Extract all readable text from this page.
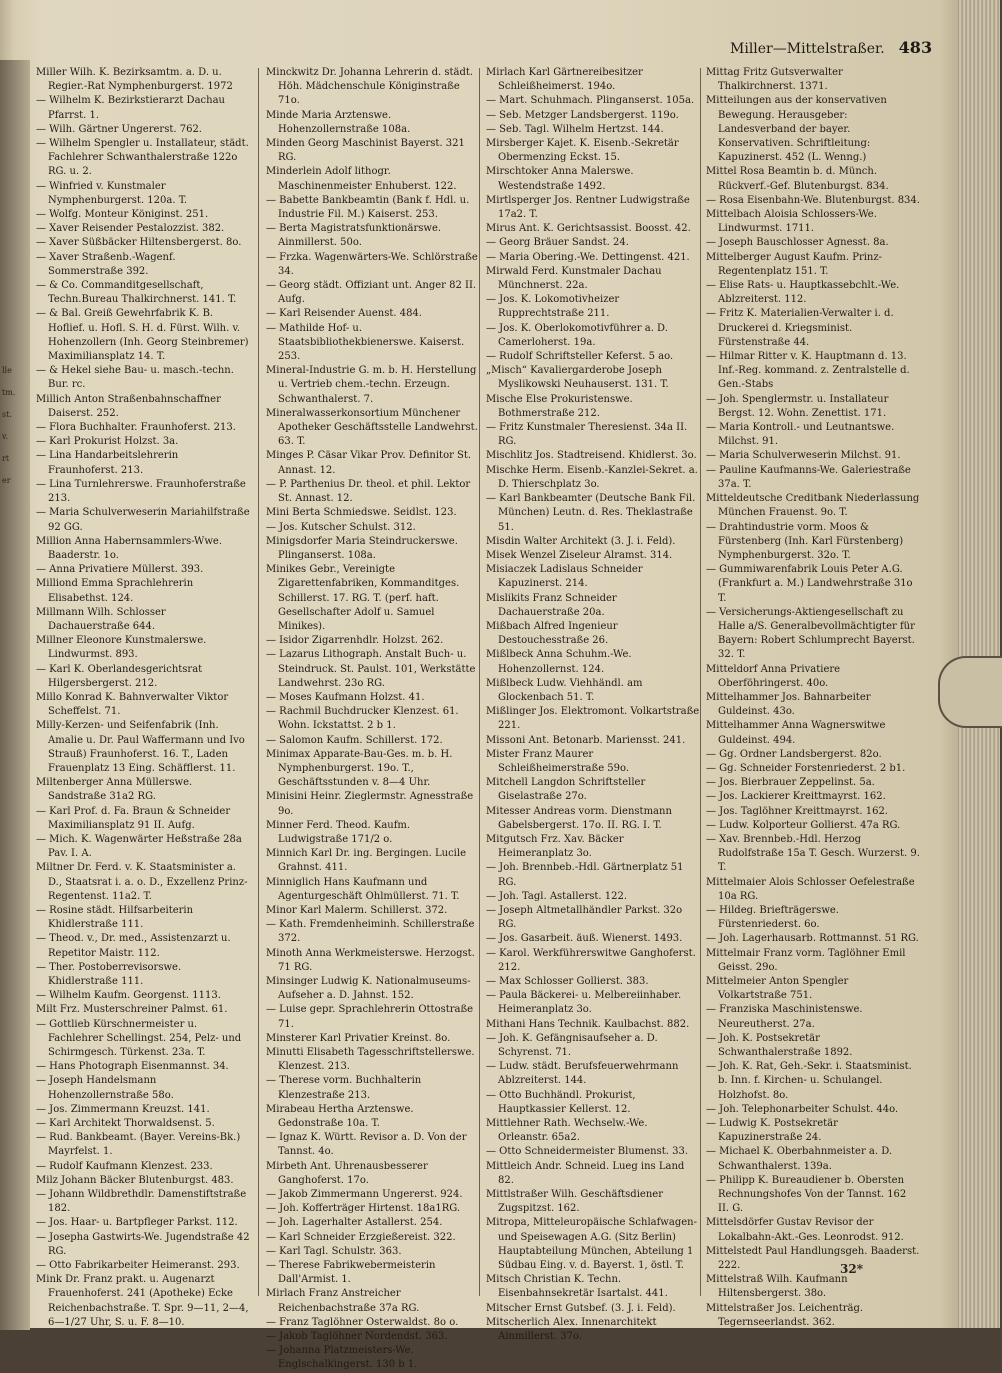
lle
tm.
st.
v.
rt
er
Miller—Mittelstraßer. 483

Miller Wilh. K. Bezirksamtm. a. D. u. Regier.-Rat Nymphenburgerst. 1972

— Wilhelm K. Bezirkstierarzt Dachau Pfarrst. 1.

— Wilh. Gärtner Ungererst. 762.

— Wilhelm Spengler u. Installateur, städt. Fachlehrer Schwanthalerstraße 122o RG. u. 2.

— Winfried v. Kunstmaler Nymphenburgerst. 120a. T.

— Wolfg. Monteur Königinst. 251.

— Xaver Reisender Pestalozzist. 382.

— Xaver Süßbäcker Hiltensbergerst. 8o.

— Xaver Straßenb.-Wagenf. Sommerstraße 392.

— & Co. Commanditgesellschaft, Techn.Bureau Thalkirchnerst. 141. T.

— & Bal. Greiß Gewehrfabrik K. B. Hoflief. u. Hofl. S. H. d. Fürst. Wilh. v. Hohenzollern (Inh. Georg Steinbremer) Maximiliansplatz 14. T.

— & Hekel siehe Bau- u. masch.-techn. Bur. rc.

Millich Anton Straßenbahnschaffner Daiserst. 252.

— Flora Buchhalter. Fraunhoferst. 213.

— Karl Prokurist Holzst. 3a.

— Lina Handarbeitslehrerin Fraunhoferst. 213.

— Lina Turnlehrerswe. Fraunhoferstraße 213.

— Maria Schulverweserin Mariahilfstraße 92 GG.

Million Anna Habernsammlers-Wwe. Baaderstr. 1o.

— Anna Privatiere Müllerst. 393.

Milliond Emma Sprachlehrerin Elisabethst. 124.

Millmann Wilh. Schlosser Dachauerstraße 644.

Millner Eleonore Kunstmalerswe. Lindwurmst. 893.

— Karl K. Oberlandesgerichtsrat Hilgersbergerst. 212.

Millo Konrad K. Bahnverwalter Viktor Scheffelst. 71.

Milly-Kerzen- und Seifenfabrik (Inh. Amalie u. Dr. Paul Waffermann und Ivo Strauß) Fraunhoferst. 16. T., Laden Frauenplatz 13 Eing. Schäfflerst. 11.

Miltenberger Anna Müllerswe. Sandstraße 31a2 RG.

— Karl Prof. d. Fa. Braun & Schneider Maximiliansplatz 91 II. Aufg.

— Mich. K. Wagenwärter Heßstraße 28a Pav. I. A.

Miltner Dr. Ferd. v. K. Staatsminister a. D., Staatsrat i. a. o. D., Exzellenz Prinz-Regentenst. 11a2. T.

— Rosine städt. Hilfsarbeiterin Khidlerstraße 111.

— Theod. v., Dr. med., Assistenzarzt u. Repetitor Maistr. 112.

— Ther. Postoberrevisorswe. Khidlerstraße 111.

— Wilhelm Kaufm. Georgenst. 1113.

Milt Frz. Musterschreiner Palmst. 61.

— Gottlieb Kürschnermeister u. Fachlehrer Schellingst. 254, Pelz- und Schirmgesch. Türkenst. 23a. T.

— Hans Photograph Eisenmannst. 34.

— Joseph Handelsmann Hohenzollernstraße 58o.

— Jos. Zimmermann Kreuzst. 141.

— Karl Architekt Thorwaldsenst. 5.

— Rud. Bankbeamt. (Bayer. Vereins-Bk.) Mayrfelst. 1.

— Rudolf Kaufmann Klenzest. 233.

Milz Johann Bäcker Blutenburgst. 483.

— Johann Wildbrethdlr. Damenstiftstraße 182.

— Jos. Haar- u. Bartpfleger Parkst. 112.

— Josepha Gastwirts-We. Jugendstraße 42 RG.

— Otto Fabrikarbeiter Heimeranst. 293.

Mink Dr. Franz prakt. u. Augenarzt Frauenhoferst. 241 (Apotheke) Ecke Reichenbachstraße. T. Spr. 9—11, 2—4, 6—1/27 Uhr, S. u. F. 8—10.

Minckwitz Dr. Johanna Lehrerin d. städt. Höh. Mädchenschule Königinstraße 71o.

Minde Maria Arztenswe. Hohenzollernstraße 108a.

Minden Georg Maschinist Bayerst. 321 RG.

Minderlein Adolf lithogr. Maschinenmeister Enhuberst. 122.

— Babette Bankbeamtin (Bank f. Hdl. u. Industrie Fil. M.) Kaiserst. 253.

— Berta Magistratsfunktionärswe. Ainmillerst. 50o.

— Frzka. Wagenwärters-We. Schlörstraße 34.

— Georg städt. Offiziant unt. Anger 82 II. Aufg.

— Karl Reisender Auenst. 484.

— Mathilde Hof- u. Staatsbibliothekbienerswe. Kaiserst. 253.

Mineral-Industrie G. m. b. H. Herstellung u. Vertrieb chem.-techn. Erzeugn. Schwanthalerst. 7.

Mineralwasserkonsortium Münchener Apotheker Geschäftsstelle Landwehrst. 63. T.

Minges P. Cäsar Vikar Prov. Definitor St. Annast. 12.

— P. Parthenius Dr. theol. et phil. Lektor St. Annast. 12.

Mini Berta Schmiedswe. Seidlst. 123.

— Jos. Kutscher Schulst. 312.

Minigsdorfer Maria Steindruckerswe. Plinganserst. 108a.

Minikes Gebr., Vereinigte Zigarettenfabriken, Kommanditges. Schillerst. 17. RG. T. (perf. haft. Gesellschafter Adolf u. Samuel Minikes).

— Isidor Zigarrenhdlr. Holzst. 262.

— Lazarus Lithograph. Anstalt Buch- u. Steindruck. St. Paulst. 101, Werkstätte Landwehrst. 23o RG.

— Moses Kaufmann Holzst. 41.

— Rachmil Buchdrucker Klenzest. 61. Wohn. Ickstattst. 2 b 1.

— Salomon Kaufm. Schillerst. 172.

Minimax Apparate-Bau-Ges. m. b. H. Nymphenburgerst. 19o. T., Geschäftsstunden v. 8—4 Uhr.

Minisini Heinr. Zieglermstr. Agnesstraße 9o.

Minner Ferd. Theod. Kaufm. Ludwigstraße 171/2 o.

Minnich Karl Dr. ing. Bergingen. Lucile Grahnst. 411.

Minniglich Hans Kaufmann und Agenturgeschäft Ohlmüllerst. 71. T.

Minor Karl Malerm. Schillerst. 372.

— Kath. Fremdenheiminh. Schillerstraße 372.

Minoth Anna Werkmeisterswe. Herzogst. 71 RG.

Minsinger Ludwig K. Nationalmuseums-Aufseher a. D. Jahnst. 152.

— Luise gepr. Sprachlehrerin Ottostraße 71.

Minsterer Karl Privatier Kreinst. 8o.

Minutti Elisabeth Tagesschriftstellerswe. Klenzest. 213.

— Therese vorm. Buchhalterin Klenzestraße 213.

Mirabeau Hertha Arztenswe. Gedonstraße 10a. T.

— Ignaz K. Württ. Revisor a. D. Von der Tannst. 4o.

Mirbeth Ant. Uhrenausbesserer Ganghoferst. 17o.

— Jakob Zimmermann Ungererst. 924.

— Joh. Kofferträger Hirtenst. 18a1RG.

— Joh. Lagerhalter Astallerst. 254.

— Karl Schneider Erzgießereist. 322.

— Karl Tagl. Schulstr. 363.

— Therese Fabrikwebermeisterin Dall'Armist. 1.

Mirlach Franz Anstreicher Reichenbachstraße 37a RG.

— Franz Taglöhner Osterwaldst. 8o o.

— Jakob Taglöhner Nordendst. 363.

— Johanna Platzmeisters-We. Englschalkingerst. 130 b 1.

Mirlach Karl Gärtnereibesitzer Schleißheimerst. 194o.

— Mart. Schuhmach. Plinganserst. 105a.

— Seb. Metzger Landsbergerst. 119o.

— Seb. Tagl. Wilhelm Hertzst. 144.

Mirsberger Kajet. K. Eisenb.-Sekretär Obermenzing Eckst. 15.

Mirschtoker Anna Malerswe. Westendstraße 1492.

Mirtlsperger Jos. Rentner Ludwigstraße 17a2. T.

Mirus Ant. K. Gerichtsassist. Boosst. 42.

— Georg Bräuer Sandst. 24.

— Maria Obering.-We. Dettingenst. 421.

Mirwald Ferd. Kunstmaler Dachau Münchnerst. 22a.

— Jos. K. Lokomotivheizer Rupprechtstraße 211.

— Jos. K. Oberlokomotivführer a. D. Camerloherst. 19a.

— Rudolf Schriftsteller Keferst. 5 ao.

„Misch“ Kavaliergarderobe Joseph Myslikowski Neuhauserst. 131. T.

Mische Else Prokuristenswe. Bothmerstraße 212.

— Fritz Kunstmaler Theresienst. 34a II. RG.

Mischlitz Jos. Stadtreisend. Khidlerst. 3o.

Mischke Herm. Eisenb.-Kanzlei-Sekret. a. D. Thierschplatz 3o.

— Karl Bankbeamter (Deutsche Bank Fil. München) Leutn. d. Res. Theklastraße 51.

Misdin Walter Architekt (3. J. i. Feld).

Misek Wenzel Ziseleur Alramst. 314.

Misiaczek Ladislaus Schneider Kapuzinerst. 214.

Mislikits Franz Schneider Dachauerstraße 20a.

Mißbach Alfred Ingenieur Destouchesstraße 26.

Mißlbeck Anna Schuhm.-We. Hohenzollernst. 124.

Mißlbeck Ludw. Viehhändl. am Glockenbach 51. T.

Mißlinger Jos. Elektromont. Volkartstraße 221.

Missoni Ant. Betonarb. Mariensst. 241.

Mister Franz Maurer Schleißheimerstraße 59o.

Mitchell Langdon Schriftsteller Giselastraße 27o.

Mitesser Andreas vorm. Dienstmann Gabelsbergerst. 17o. II. RG. I. T.

Mitgutsch Frz. Xav. Bäcker Heimeranplatz 3o.

— Joh. Brennbeb.-Hdl. Gärtnerplatz 51 RG.

— Joh. Tagl. Astallerst. 122.

— Joseph Altmetallhändler Parkst. 32o RG.

— Jos. Gasarbeit. äuß. Wienerst. 1493.

— Karol. Werkführerswitwe Ganghoferst. 212.

— Max Schlosser Gollierst. 383.

— Paula Bäckerei- u. Melbereiinhaber. Heimeranplatz 3o.

Mithani Hans Technik. Kaulbachst. 882.

— Joh. K. Gefängnisaufseher a. D. Schyrenst. 71.

— Ludw. städt. Berufsfeuerwehrmann Ablzreiterst. 144.

— Otto Buchhändl. Prokurist, Hauptkassier Kellerst. 12.

Mittlehner Rath. Wechselw.-We. Orleanstr. 65a2.

— Otto Schneidermeister Blumenst. 33.

Mittleich Andr. Schneid. Lueg ins Land 82.

Mittlstraßer Wilh. Geschäftsdiener Zugspitzst. 162.

Mitropa, Mitteleuropäische Schlafwagen- und Speisewagen A.G. (Sitz Berlin) Hauptabteilung München, Abteilung 1 Südbau Eing. v. d. Bayerst. 1, östl. T.

Mitsch Christian K. Techn. Eisenbahnsekretär Isartalst. 441.

Mitscher Ernst Gutsbef. (3. J. i. Feld).

Mitscherlich Alex. Innenarchitekt Ainmillerst. 37o.

Mittag Fritz Gutsverwalter Thalkirchnerst. 1371.

Mitteilungen aus der konservativen Bewegung. Herausgeber: Landesverband der bayer. Konservativen. Schriftleitung: Kapuzinerst. 452 (L. Wenng.)

Mittel Rosa Beamtin b. d. Münch. Rückverf.-Gef. Blutenburgst. 834.

— Rosa Eisenbahn-We. Blutenburgst. 834.

Mittelbach Aloisia Schlossers-We. Lindwurmst. 1711.

— Joseph Bauschlosser Agnesst. 8a.

Mittelberger August Kaufm. Prinz-Regentenplatz 151. T.

— Elise Rats- u. Hauptkassebchlt.-We. Ablzreiterst. 112.

— Fritz K. Materialien-Verwalter i. d. Druckerei d. Kriegsminist. Fürstenstraße 44.

— Hilmar Ritter v. K. Hauptmann d. 13. Inf.-Reg. kommand. z. Zentralstelle d. Gen.-Stabs

— Joh. Spenglermstr. u. Installateur Bergst. 12. Wohn. Zenettist. 171.

— Maria Kontroll.- und Leutnantswe. Milchst. 91.

— Maria Schulverweserin Milchst. 91.

— Pauline Kaufmanns-We. Galeriestraße 37a. T.

Mitteldeutsche Creditbank Niederlassung München Frauenst. 9o. T.

— Drahtindustrie vorm. Moos & Fürstenberg (Inh. Karl Fürstenberg) Nymphenburgerst. 32o. T.

— Gummiwarenfabrik Louis Peter A.G. (Frankfurt a. M.) Landwehrstraße 31o T.

— Versicherungs-Aktiengesellschaft zu Halle a/S. Generalbevollmächtigter für Bayern: Robert Schlumprecht Bayerst. 32. T.

Mitteldorf Anna Privatiere Oberföhringerst. 40o.

Mittelhammer Jos. Bahnarbeiter Guldeinst. 43o.

Mittelhammer Anna Wagnerswitwe Guldeinst. 494.

— Gg. Ordner Landsbergerst. 82o.

— Gg. Schneider Forstenriederst. 2 b1.

— Jos. Bierbrauer Zeppelinst. 5a.

— Jos. Lackierer Kreittmayrst. 162.

— Jos. Taglöhner Kreittmayrst. 162.

— Ludw. Kolporteur Gollierst. 47a RG.

— Xav. Brennbeb.-Hdl. Herzog Rudolfstraße 15a T. Gesch. Wurzerst. 9. T.

Mittelmaier Alois Schlosser Oefelestraße 10a RG.

— Hildeg. Briefträgerswe. Fürstenriederst. 6o.

— Joh. Lagerhausarb. Rottmannst. 51 RG.

Mittelmair Franz vorm. Taglöhner Emil Geisst. 29o.

Mittelmeier Anton Spengler Volkartstraße 751.

— Franziska Maschinistenswe. Neureutherst. 27a.

— Joh. K. Postsekretär Schwanthalerstraße 1892.

— Joh. K. Rat, Geh.-Sekr. i. Staatsminist. b. Inn. f. Kirchen- u. Schulangel. Holzhofst. 8o.

— Joh. Telephonarbeiter Schulst. 44o.

— Ludwig K. Postsekretär Kapuzinerstraße 24.

— Michael K. Oberbahnmeister a. D. Schwanthalerst. 139a.

— Philipp K. Bureaudiener b. Obersten Rechnungshofes Von der Tannst. 162 II. G.

Mittelsdörfer Gustav Revisor der Lokalbahn-Akt.-Ges. Leonrodst. 912.

Mittelstedt Paul Handlungsgeh. Baaderst. 222.

Mittelstraß Wilh. Kaufmann Hiltensbergerst. 38o.

Mittelstraßer Jos. Leichenträg. Tegernseerlandst. 362.

32*
